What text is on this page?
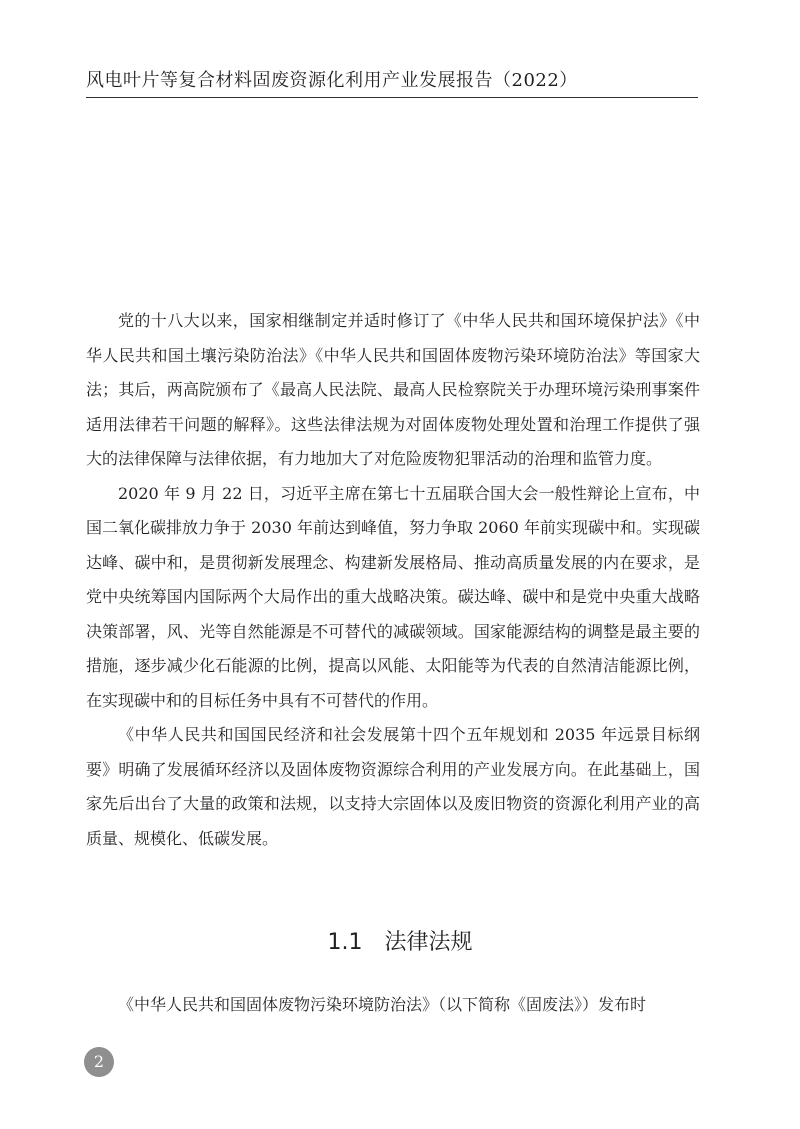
风电叶片等复合材料固废资源化利用产业发展报告（2022）

党的十八大以来，国家相继制定并适时修订了《中华人民共和国环境保护法》《中华人民共和国土壤污染防治法》《中华人民共和国固体废物污染环境防治法》等国家大法；其后，两高院颁布了《最高人民法院、最高人民检察院关于办理环境污染刑事案件适用法律若干问题的解释》。这些法律法规为对固体废物处理处置和治理工作提供了强大的法律保障与法律依据，有力地加大了对危险废物犯罪活动的治理和监管力度。

2020 年 9 月 22 日，习近平主席在第七十五届联合国大会一般性辩论上宣布，中国二氧化碳排放力争于 2030 年前达到峰值，努力争取 2060 年前实现碳中和。实现碳达峰、碳中和，是贯彻新发展理念、构建新发展格局、推动高质量发展的内在要求，是党中央统筹国内国际两个大局作出的重大战略决策。碳达峰、碳中和是党中央重大战略决策部署，风、光等自然能源是不可替代的减碳领域。国家能源结构的调整是最主要的措施，逐步减少化石能源的比例，提高以风能、太阳能等为代表的自然清洁能源比例，在实现碳中和的目标任务中具有不可替代的作用。

《中华人民共和国国民经济和社会发展第十四个五年规划和 2035 年远景目标纲要》明确了发展循环经济以及固体废物资源综合利用的产业发展方向。在此基础上，国家先后出台了大量的政策和法规，以支持大宗固体以及废旧物资的资源化利用产业的高质量、规模化、低碳发展。

1.1 法律法规
《中华人民共和国固体废物污染环境防治法》（以下简称《固废法》）发布时
2
